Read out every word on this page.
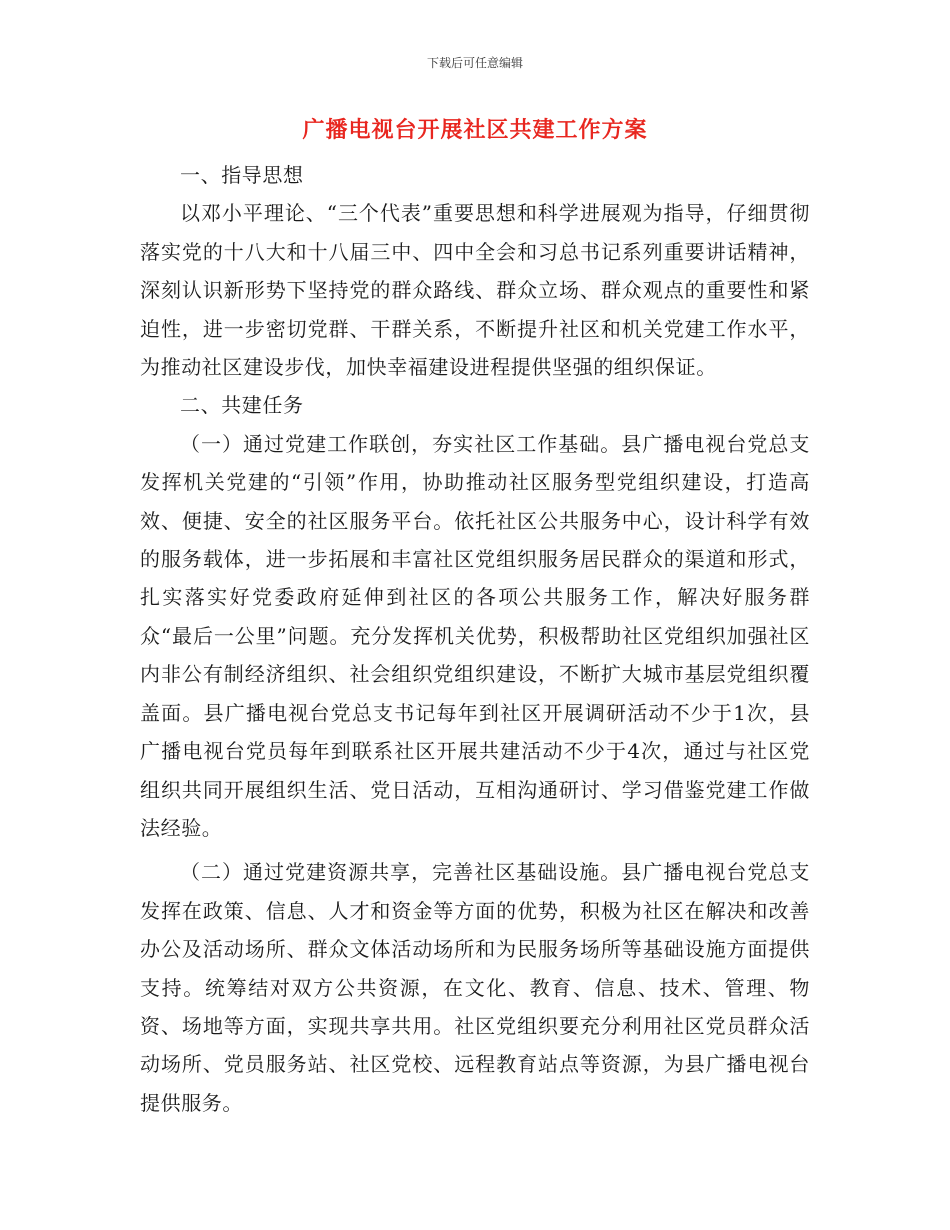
下载后可任意编辑
广播电视台开展社区共建工作方案

一、指导思想

以邓小平理论、“三个代表”重要思想和科学进展观为指导，仔细贯彻落实党的十八大和十八届三中、四中全会和习总书记系列重要讲话精神，深刻认识新形势下坚持党的群众路线、群众立场、群众观点的重要性和紧迫性，进一步密切党群、干群关系，不断提升社区和机关党建工作水平，为推动社区建设步伐，加快幸福建设进程提供坚强的组织保证。

二、共建任务

（一）通过党建工作联创，夯实社区工作基础。县广播电视台党总支发挥机关党建的“引领”作用，协助推动社区服务型党组织建设，打造高效、便捷、安全的社区服务平台。依托社区公共服务中心，设计科学有效的服务载体，进一步拓展和丰富社区党组织服务居民群众的渠道和形式，扎实落实好党委政府延伸到社区的各项公共服务工作，解决好服务群众“最后一公里”问题。充分发挥机关优势，积极帮助社区党组织加强社区内非公有制经济组织、社会组织党组织建设，不断扩大城市基层党组织覆盖面。县广播电视台党总支书记每年到社区开展调研活动不少于1次，县广播电视台党员每年到联系社区开展共建活动不少于4次，通过与社区党组织共同开展组织生活、党日活动，互相沟通研讨、学习借鉴党建工作做法经验。

（二）通过党建资源共享，完善社区基础设施。县广播电视台党总支发挥在政策、信息、人才和资金等方面的优势，积极为社区在解决和改善办公及活动场所、群众文体活动场所和为民服务场所等基础设施方面提供支持。统筹结对双方公共资源，在文化、教育、信息、技术、管理、物资、场地等方面，实现共享共用。社区党组织要充分利用社区党员群众活动场所、党员服务站、社区党校、远程教育站点等资源，为县广播电视台提供服务。
